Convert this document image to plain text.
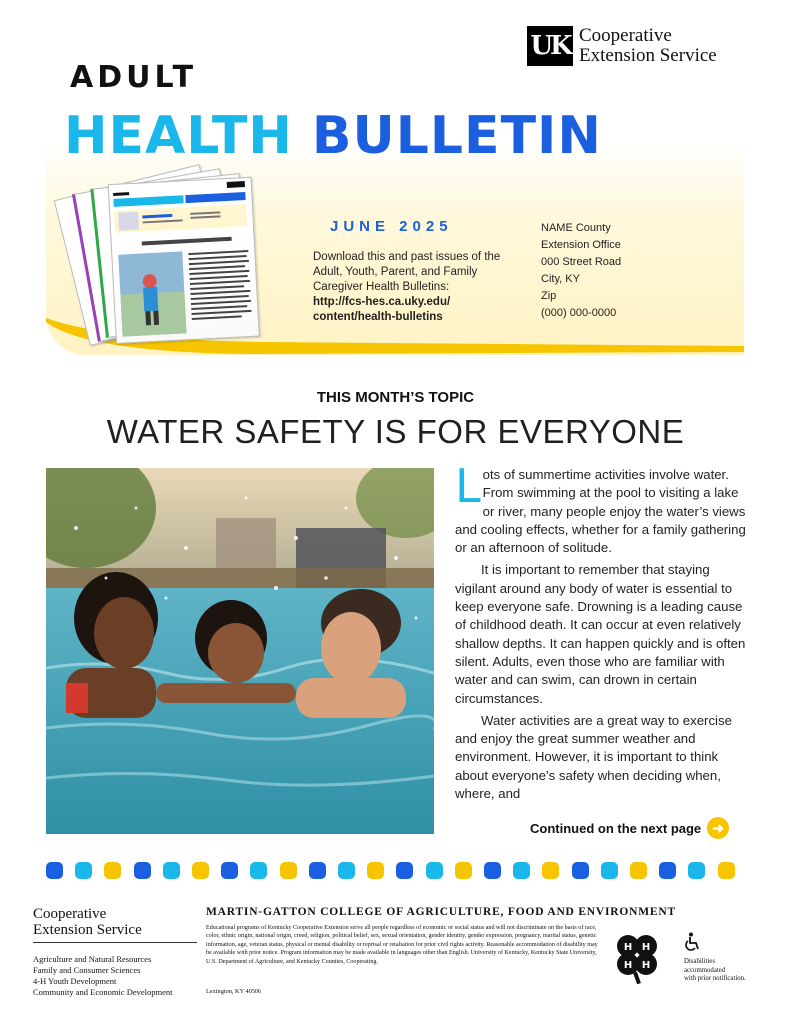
UK Cooperative
Extension Service
ADULT
HEALTH BULLETIN
JUNE 2025
Download this and past issues of the Adult, Youth, Parent, and Family Caregiver Health Bulletins:
http://fcs-hes.ca.uky.edu/
content/health-bulletins
NAME County
Extension Office
000 Street Road
City, KY
Zip
(000) 000-0000
THIS MONTH’S TOPIC
WATER SAFETY IS FOR EVERYONE

Lots of summertime activities involve water. From swimming at the pool to visiting a lake or river, many people enjoy the water’s views and cooling effects, whether for a family gathering or an afternoon of solitude.

It is important to remember that staying vigilant around any body of water is essential to keep everyone safe. Drowning is a leading cause of childhood death. It can occur at even relatively shallow depths. It can happen quickly and is often silent. Adults, even those who are familiar with water and can swim, can drown in certain circumstances.

Water activities are a great way to exercise and enjoy the great summer weather and environment. However, it is important to think about everyone’s safety when deciding when, where, and

Continued on the next page ➜
Cooperative
Extension Service
Agriculture and Natural Resources
Family and Consumer Sciences
4-H Youth Development
Community and Economic Development
MARTIN-GATTON COLLEGE OF AGRICULTURE, FOOD AND ENVIRONMENT
Educational programs of Kentucky Cooperative Extension serve all people regardless of economic or social status and will not discriminate on the basis of race, color, ethnic origin, national origin, creed, religion, political belief, sex, sexual orientation, gender identity, gender expression, pregnancy, marital status, genetic information, age, veteran status, physical or mental disability or reprisal or retaliation for prior civil rights activity. Reasonable accommodation of disability may be available with prior notice. Program information may be made available in languages other than English. University of Kentucky, Kentucky State University, U.S. Department of Agriculture, and Kentucky Counties, Cooperating.
Lexington, KY 40506
H H
H H	Disabilities
accommodated
with prior notification.
